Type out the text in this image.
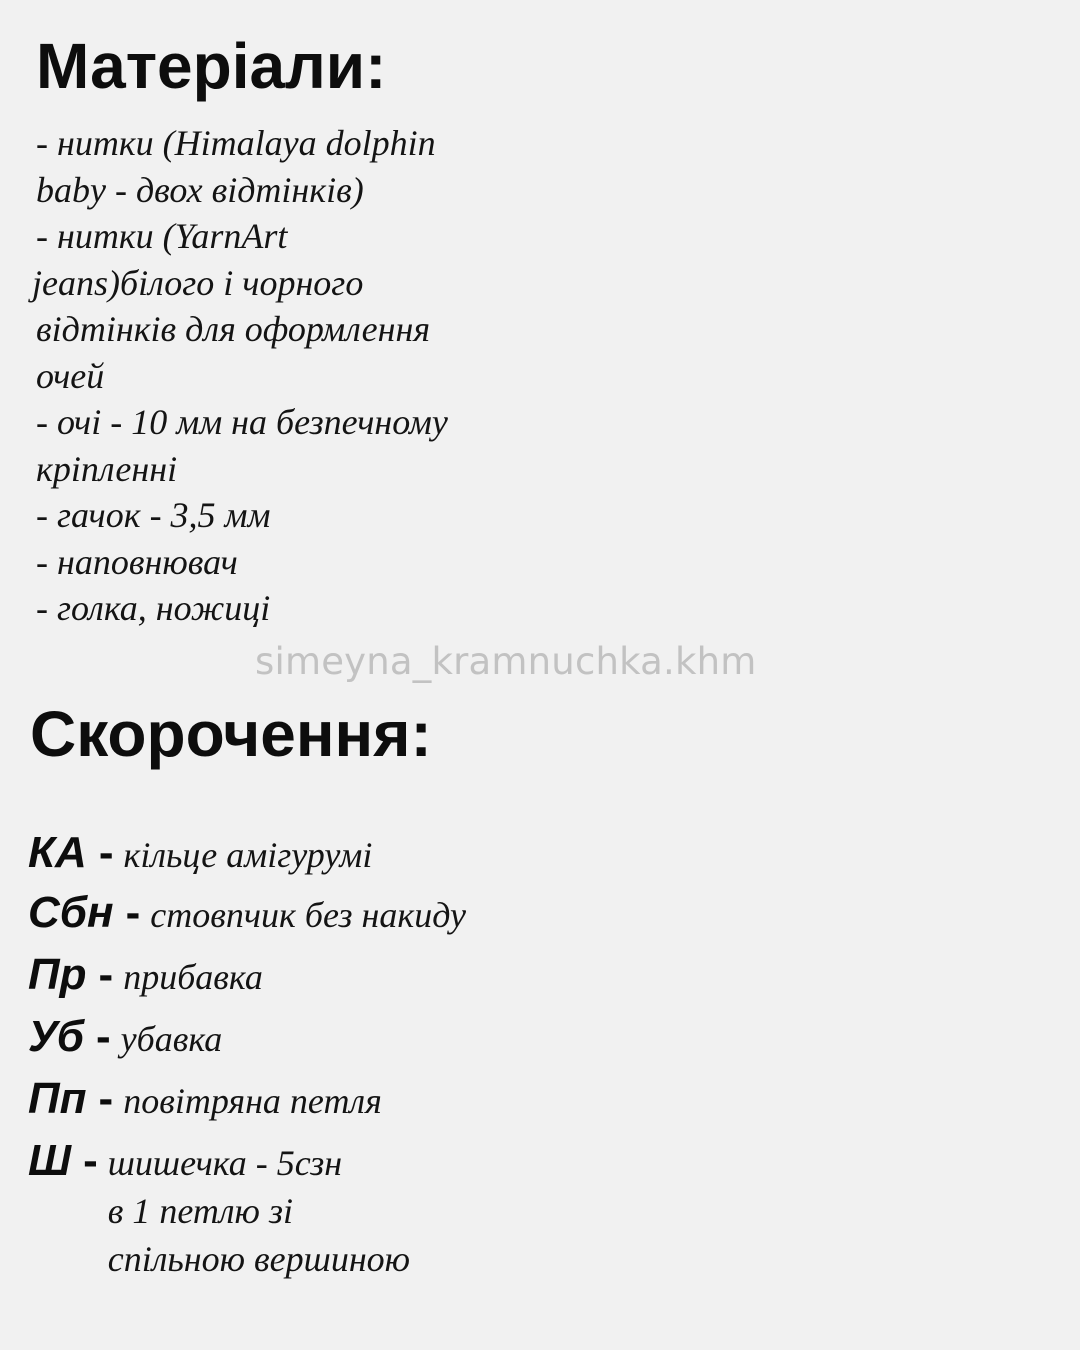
Матеріали:
- нитки (Himalaya dolphin
baby - двох відтінків)
- нитки (YarnArt
jeans)білого і чорного
відтінків для оформлення
очей
- очі - 10 мм на безпечному
кріпленні
- гачок - 3,5 мм
- наповнювач
- голка, ножиці
simeyna_kramnuchka.khm
Скорочення:
КА - кільце амігурумі
Сбн - стовпчик без накиду
Пр - прибавка
Уб - убавка
Пп - повітряна петля
Ш - шишечка - 5сзн
в 1 петлю зі
спільною вершиною
